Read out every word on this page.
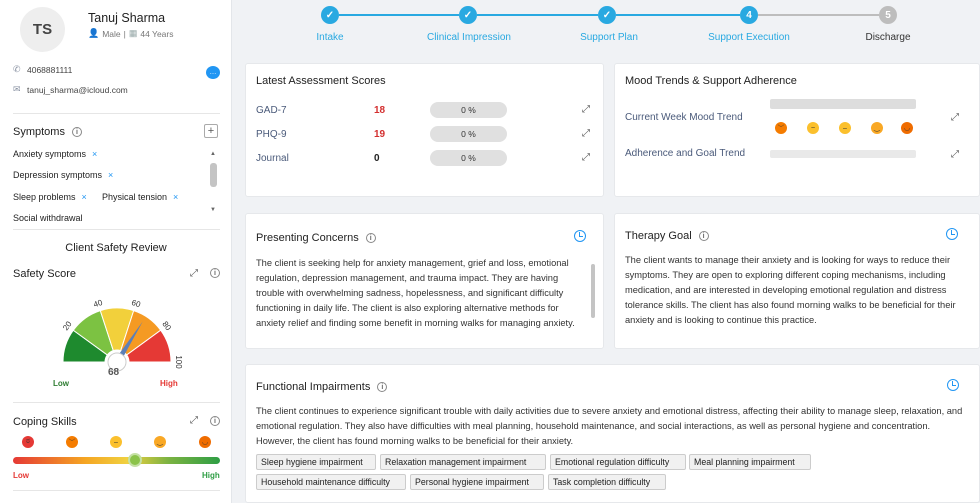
TS
Tanuj Sharma
👤 Male | ▦ 44 Years
✆ 4068881111
✉ tanuj_sharma@icloud.com
…
Symptoms	i	+
Anxiety symptoms ×
Depression symptoms ×
Sleep problems × Physical tension ×
Social withdrawal
▲
▼
Client Safety Review
Safety Score	⤢	i
20
40	60
80
100
68
Low	High
Coping Skills	⤢	i
ಠ	︶	–	‿	◡
Low	High
✓	✓	✓	4	5
Intake	Clinical Impression	Support Plan	Support Execution	Discharge
Latest Assessment Scores
GAD-7	18	0 %	⤢
PHQ-9	19	0 %	⤢
Journal	0	0 %	⤢
Mood Trends & Support Adherence
Current Week Mood Trend
︶	~	–	‿	◡
⤢
Adherence and Goal Trend	⤢
Presenting Concerns	i
The client is seeking help for anxiety management, grief and loss, emotional regulation, depression management, and trauma impact. They are having trouble with overwhelming sadness, hopelessness, and significant difficulty functioning in daily life. The client is also exploring alternative methods for anxiety relief and finding some benefit in morning walks for managing anxiety.
Therapy Goal	i
The client wants to manage their anxiety and is looking for ways to reduce their symptoms. They are open to exploring different coping mechanisms, including medication, and are interested in developing emotional regulation and distress tolerance skills. The client has also found morning walks to be beneficial for their anxiety and is looking to continue this practice.
Functional Impairments	i
The client continues to experience significant trouble with daily activities due to severe anxiety and emotional distress, affecting their ability to manage sleep, relaxation, and emotional regulation. They also have difficulties with meal planning, household maintenance, and social interactions, as well as personal hygiene and concentration. However, the client has found morning walks to be beneficial for their anxiety.
Sleep hygiene impairment	Relaxation management impairment	Emotional regulation difficulty	Meal planning impairment
Household maintenance difficulty	Personal hygiene impairment	Task completion difficulty
